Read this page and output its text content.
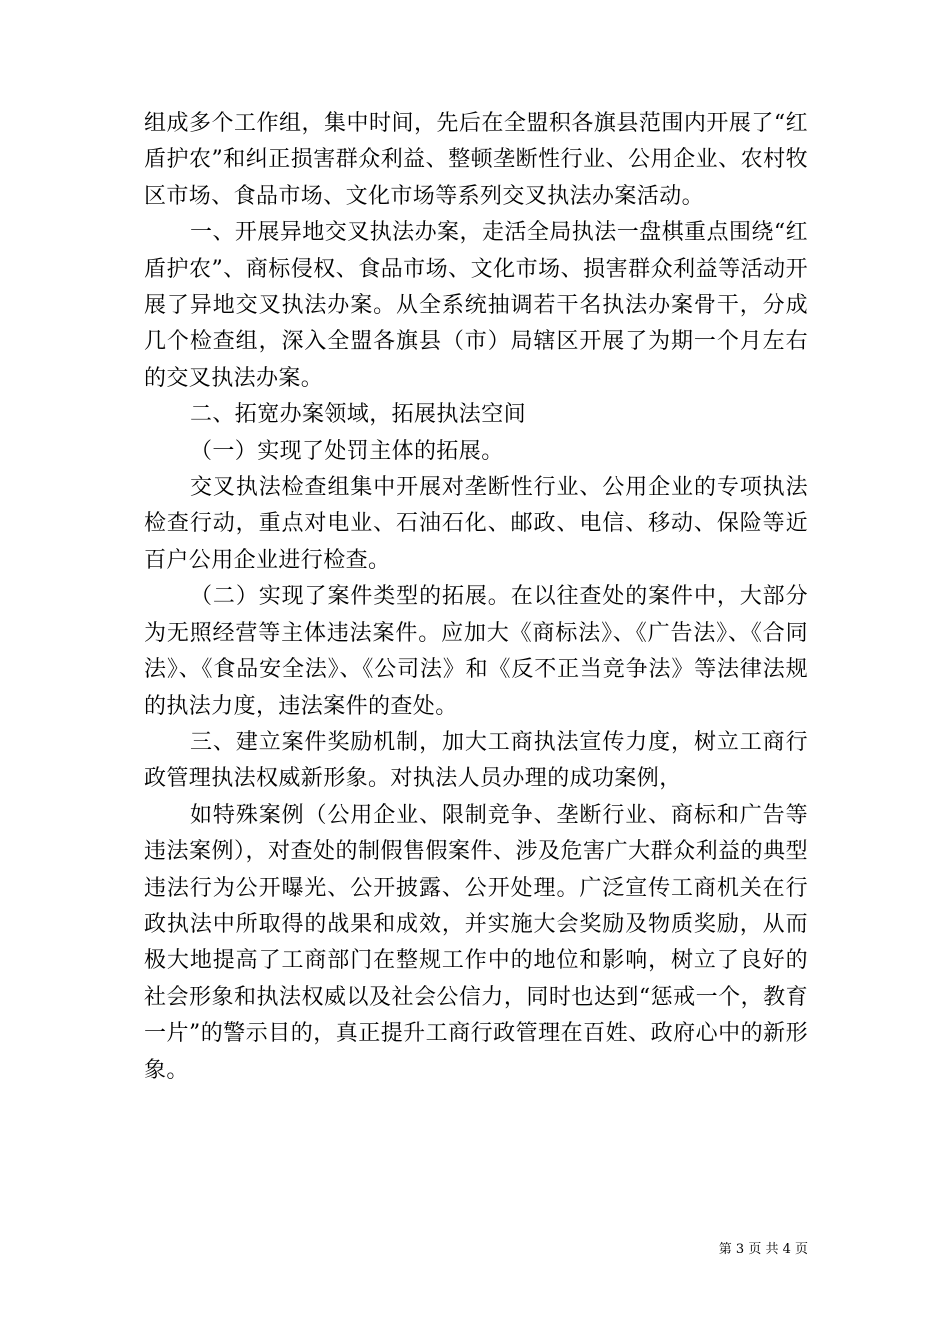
组成多个工作组，集中时间，先后在全盟积各旗县范围内开展了“红盾护农”和纠正损害群众利益、整顿垄断性行业、公用企业、农村牧区市场、食品市场、文化市场等系列交叉执法办案活动。

一、开展异地交叉执法办案，走活全局执法一盘棋重点围绕“红盾护农”、商标侵权、食品市场、文化市场、损害群众利益等活动开展了异地交叉执法办案。从全系统抽调若干名执法办案骨干，分成几个检查组，深入全盟各旗县（市）局辖区开展了为期一个月左右的交叉执法办案。

二、拓宽办案领域，拓展执法空间

（一）实现了处罚主体的拓展。

交叉执法检查组集中开展对垄断性行业、公用企业的专项执法检查行动，重点对电业、石油石化、邮政、电信、移动、保险等近百户公用企业进行检查。

（二）实现了案件类型的拓展。在以往查处的案件中，大部分为无照经营等主体违法案件。应加大《商标法》、《广告法》、《合同法》、《食品安全法》、《公司法》和《反不正当竞争法》等法律法规的执法力度，违法案件的查处。

三、建立案件奖励机制，加大工商执法宣传力度，树立工商行政管理执法权威新形象。对执法人员办理的成功案例，

如特殊案例（公用企业、限制竞争、垄断行业、商标和广告等违法案例），对查处的制假售假案件、涉及危害广大群众利益的典型违法行为公开曝光、公开披露、公开处理。广泛宣传工商机关在行政执法中所取得的战果和成效，并实施大会奖励及物质奖励，从而极大地提高了工商部门在整规工作中的地位和影响，树立了良好的社会形象和执法权威以及社会公信力，同时也达到“惩戒一个，教育一片”的警示目的，真正提升工商行政管理在百姓、政府心中的新形象。

第 3 页 共 4 页
